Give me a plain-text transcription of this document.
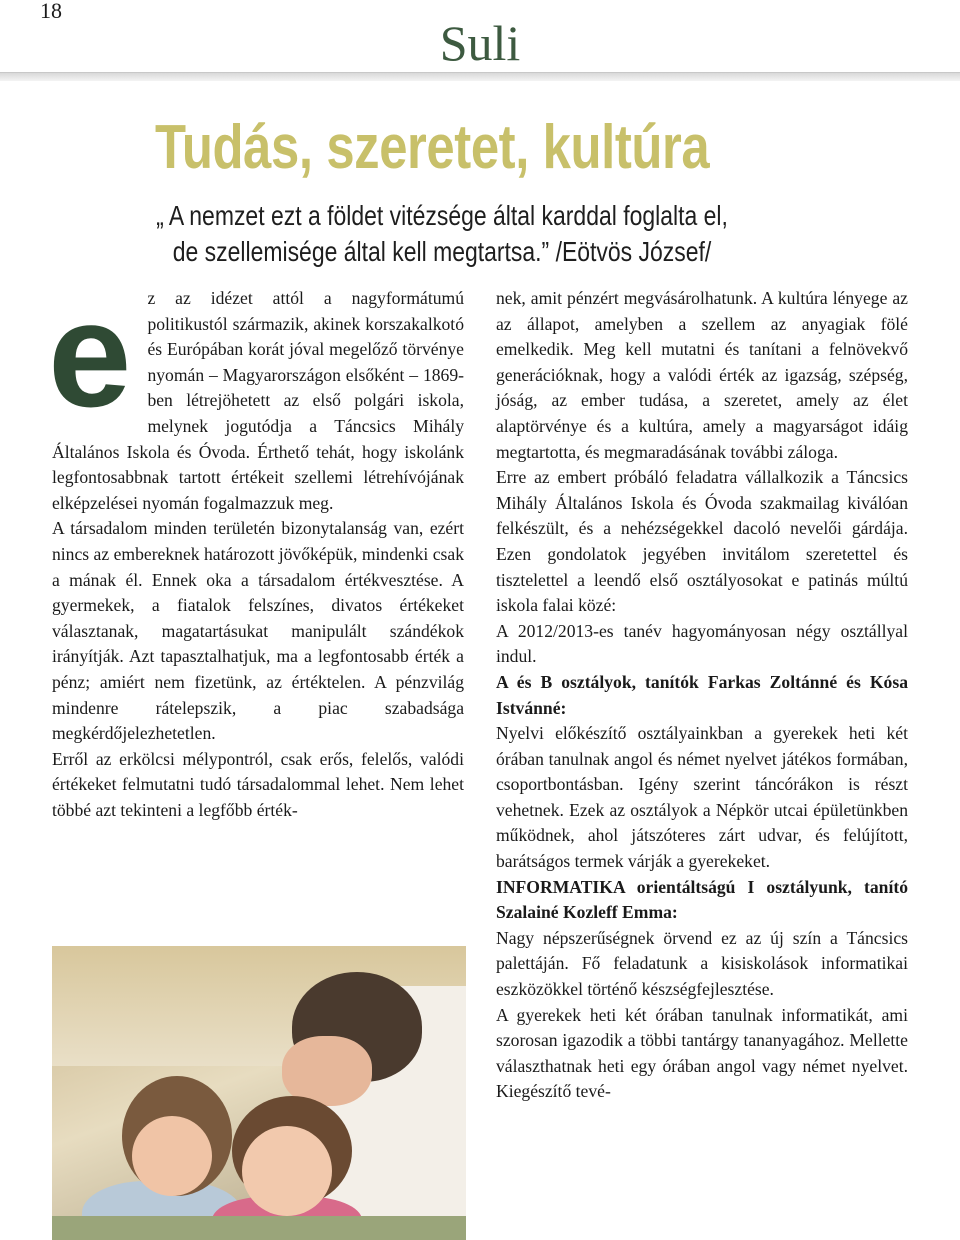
18
Suli
Tudás, szeretet, kultúra
„ A nemzet ezt a földet vitézsége által karddal foglalta el,
de szellemisége által kell megtartsa.” /Eötvös József/
e z az idézet attól a nagyformátumú politikustól származik, akinek korszakalkotó és Európában korát jóval megelőző törvénye nyomán – Magyarországon elsőként – 1869-ben létrejöhetett az első polgári iskola, melynek jogutódja a Táncsics Mihály Általános Iskola és Óvoda. Érthető tehát, hogy iskolánk legfontosabbnak tartott értékeit szellemi létrehívójának elképzelései nyomán fogalmazzuk meg.

A társadalom minden területén bizonytalanság van, ezért nincs az embereknek határozott jövőképük, mindenki csak a mának él. Ennek oka a társadalom értékvesztése. A gyermekek, a fiatalok felszínes, divatos értékeket választanak, magatartásukat manipulált szándékok irányítják. Azt tapasztalhatjuk, ma a legfontosabb érték a pénz; amiért nem fizetünk, az értéktelen. A pénzvilág mindenre rátelepszik, a piac szabadsága megkérdőjelezhetetlen.

Erről az erkölcsi mélypontról, csak erős, felelős, valódi értékeket felmutatni tudó társadalommal lehet. Nem lehet többé azt tekinteni a legfőbb érték-

nek, amit pénzért megvásárolhatunk. A kultúra lényege az az állapot, amelyben a szellem az anyagiak fölé emelkedik. Meg kell mutatni és tanítani a felnövekvő generációknak, hogy a valódi érték az igazság, szépség, jóság, az ember tudása, a szeretet, amely az élet alaptörvénye és a kultúra, amely a magyarságot idáig megtartotta, és megmaradásának további záloga.

Erre az embert próbáló feladatra vállalkozik a Táncsics Mihály Általános Iskola és Óvoda szakmailag kiválóan felkészült, és a nehézségekkel dacoló nevelői gárdája. Ezen gondolatok jegyében invitálom szeretettel és tisztelettel a leendő első osztályosokat e patinás múltú iskola falai közé:

A 2012/2013-es tanév hagyományosan négy osztállyal indul.

A és B osztályok, tanítók Farkas Zoltánné és Kósa Istvánné:

Nyelvi előkészítő osztályainkban a gyerekek heti két órában tanulnak angol és német nyelvet játékos formában, csoportbontásban. Igény szerint táncórákon is részt vehetnek. Ezek az osztályok a Népkör utcai épületünkben működnek, ahol játszóteres zárt udvar, és felújított, barátságos termek várják a gyerekeket.

INFORMATIKA orientáltságú I osztályunk, tanító Szalainé Kozleff Emma:

Nagy népszerűségnek örvend ez az új szín a Táncsics palettáján. Fő feladatunk a kisiskolások informatikai eszközökkel történő készségfejlesztése.

A gyerekek heti két órában tanulnak informatikát, ami szorosan igazodik a többi tantárgy tananyagához. Mellette választhatnak heti egy órában angol vagy német nyelvet. Kiegészítő tevé-
